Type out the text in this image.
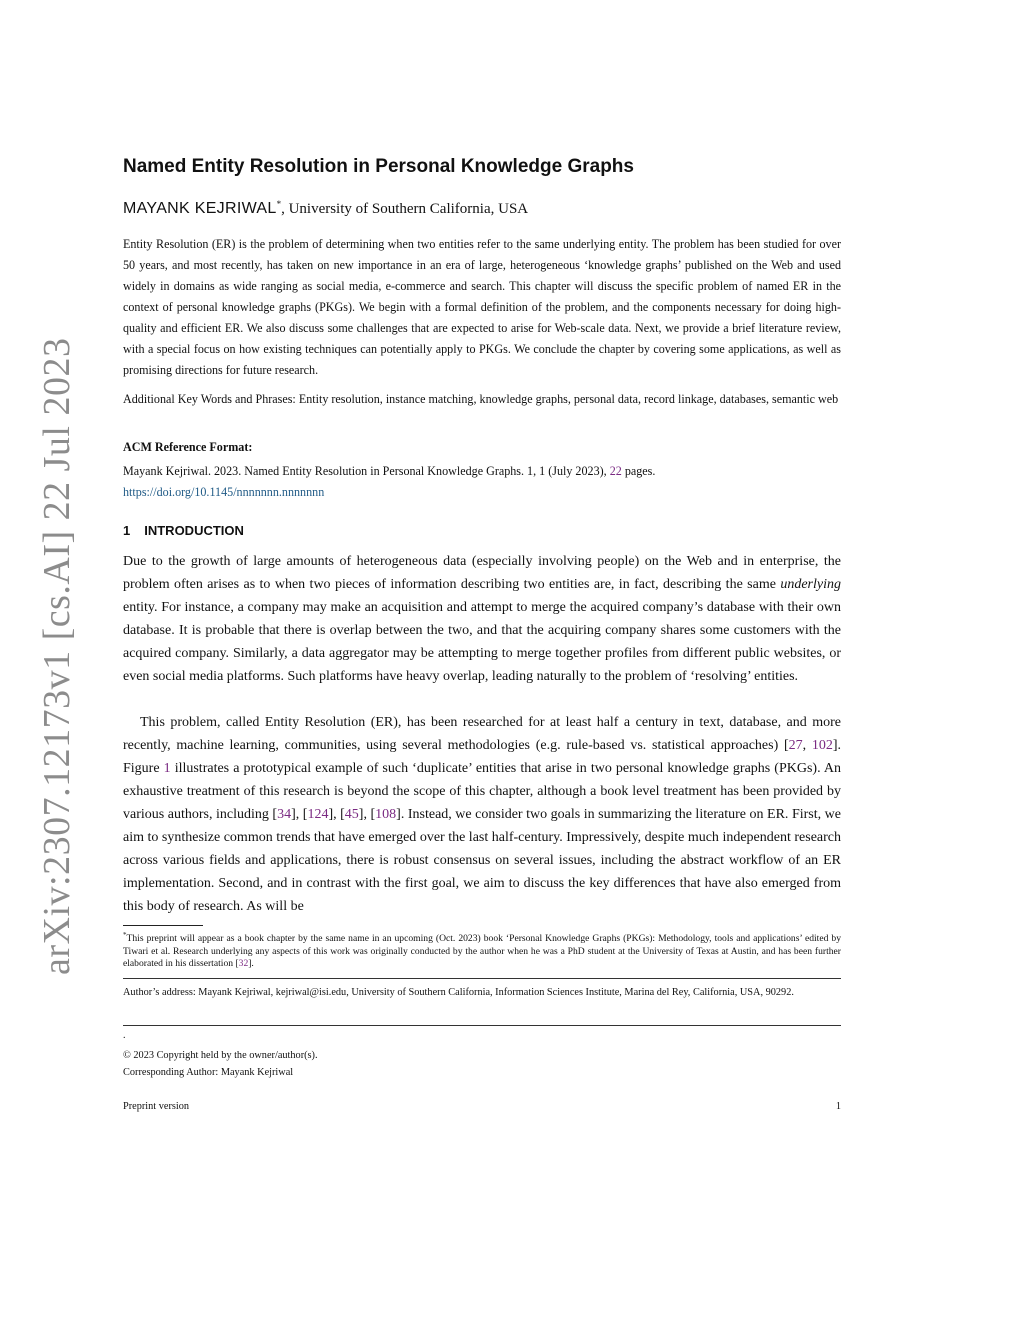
arXiv:2307.12173v1 [cs.AI] 22 Jul 2023
Named Entity Resolution in Personal Knowledge Graphs
MAYANK KEJRIWAL*, University of Southern California, USA
Entity Resolution (ER) is the problem of determining when two entities refer to the same underlying entity. The problem has been studied for over 50 years, and most recently, has taken on new importance in an era of large, heterogeneous ‘knowledge graphs’ published on the Web and used widely in domains as wide ranging as social media, e-commerce and search. This chapter will discuss the specific problem of named ER in the context of personal knowledge graphs (PKGs). We begin with a formal definition of the problem, and the components necessary for doing high-quality and efficient ER. We also discuss some challenges that are expected to arise for Web-scale data. Next, we provide a brief literature review, with a special focus on how existing techniques can potentially apply to PKGs. We conclude the chapter by covering some applications, as well as promising directions for future research.
Additional Key Words and Phrases: Entity resolution, instance matching, knowledge graphs, personal data, record linkage, databases, semantic web
ACM Reference Format:
Mayank Kejriwal. 2023. Named Entity Resolution in Personal Knowledge Graphs. 1, 1 (July 2023), 22 pages. https://doi.org/10.1145/nnnnnnn.nnnnnnn
1 INTRODUCTION
Due to the growth of large amounts of heterogeneous data (especially involving people) on the Web and in enterprise, the problem often arises as to when two pieces of information describing two entities are, in fact, describing the same underlying entity. For instance, a company may make an acquisition and attempt to merge the acquired company’s database with their own database. It is probable that there is overlap between the two, and that the acquiring company shares some customers with the acquired company. Similarly, a data aggregator may be attempting to merge together profiles from different public websites, or even social media platforms. Such platforms have heavy overlap, leading naturally to the problem of ‘resolving’ entities.
This problem, called Entity Resolution (ER), has been researched for at least half a century in text, database, and more recently, machine learning, communities, using several methodologies (e.g. rule-based vs. statistical approaches) [27, 102]. Figure 1 illustrates a prototypical example of such ‘duplicate’ entities that arise in two personal knowledge graphs (PKGs). An exhaustive treatment of this research is beyond the scope of this chapter, although a book level treatment has been provided by various authors, including [34], [124], [45], [108]. Instead, we consider two goals in summarizing the literature on ER. First, we aim to synthesize common trends that have emerged over the last half-century. Impressively, despite much independent research across various fields and applications, there is robust consensus on several issues, including the abstract workflow of an ER implementation. Second, and in contrast with the first goal, we aim to discuss the key differences that have also emerged from this body of research. As will be
*This preprint will appear as a book chapter by the same name in an upcoming (Oct. 2023) book ‘Personal Knowledge Graphs (PKGs): Methodology, tools and applications’ edited by Tiwari et al. Research underlying any aspects of this work was originally conducted by the author when he was a PhD student at the University of Texas at Austin, and has been further elaborated in his dissertation [32].
Author’s address: Mayank Kejriwal, kejriwal@isi.edu, University of Southern California, Information Sciences Institute, Marina del Rey, California, USA, 90292.
.
© 2023 Copyright held by the owner/author(s).
Corresponding Author: Mayank Kejriwal
Preprint version	1
